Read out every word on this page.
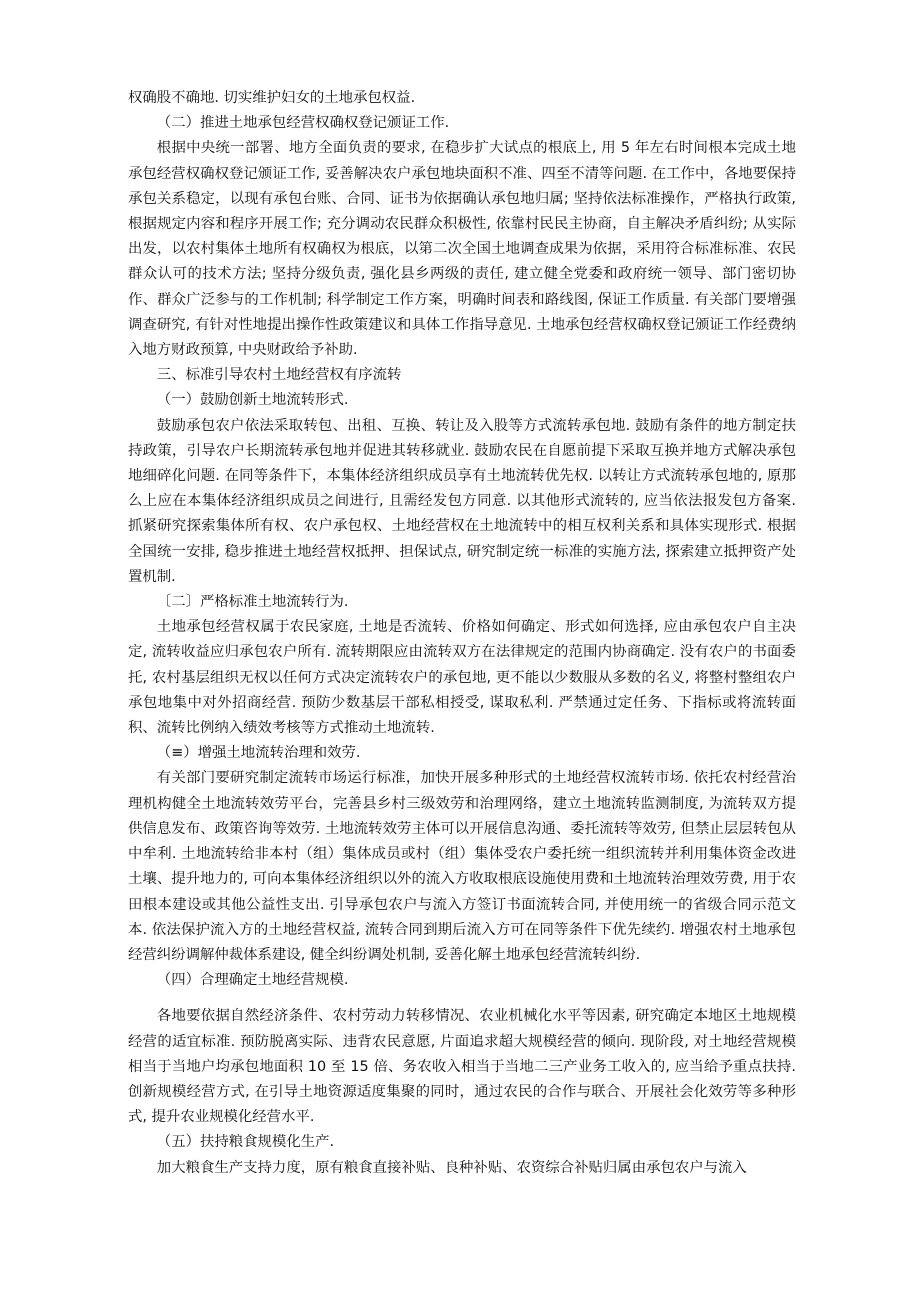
权确股不确地. 切实维护妇女的土地承包权益.

（二）推进土地承包经营权确权登记颁证工作.

根据中央统一部署、地方全面负责的要求, 在稳步扩大试点的根底上, 用 5 年左右时间根本完成土地承包经营权确权登记颁证工作, 妥善解决农户承包地块面积不准、四至不清等问题. 在工作中，各地要保持承包关系稳定，以现有承包台账、合同、证书为依据确认承包地归属; 坚持依法标准操作，严格执行政策, 根据规定内容和程序开展工作; 充分调动农民群众积极性, 依靠村民民主协商，自主解决矛盾纠纷; 从实际出发，以农村集体土地所有权确权为根底，以第二次全国土地调查成果为依据，采用符合标准标准、农民群众认可的技术方法; 坚持分级负责, 强化县乡两级的责任, 建立健全党委和政府统一领导、部门密切协作、群众广泛参与的工作机制; 科学制定工作方案，明确时间表和路线图, 保证工作质量. 有关部门要增强调查研究, 有针对性地提出操作性政策建议和具体工作指导意见. 土地承包经营权确权登记颁证工作经费纳入地方财政预算, 中央财政给予补助.

三、标准引导农村土地经营权有序流转

（一）鼓励创新土地流转形式.

鼓励承包农户依法采取转包、出租、互换、转让及入股等方式流转承包地. 鼓励有条件的地方制定扶持政策，引导农户长期流转承包地并促进其转移就业. 鼓励农民在自愿前提下采取互换并地方式解决承包地细碎化问题. 在同等条件下，本集体经济组织成员享有土地流转优先权. 以转让方式流转承包地的, 原那么上应在本集体经济组织成员之间进行, 且需经发包方同意. 以其他形式流转的, 应当依法报发包方备案. 抓紧研究探索集体所有权、农户承包权、土地经营权在土地流转中的相互权利关系和具体实现形式. 根据全国统一安排, 稳步推进土地经营权抵押、担保试点, 研究制定统一标准的实施方法, 探索建立抵押资产处置机制.

〔二〕严格标准土地流转行为.

土地承包经营权属于农民家庭, 土地是否流转、价格如何确定、形式如何选择, 应由承包农户自主决定, 流转收益应归承包农户所有. 流转期限应由流转双方在法律规定的范围内协商确定. 没有农户的书面委托, 农村基层组织无权以任何方式决定流转农户的承包地, 更不能以少数服从多数的名义, 将整村整组农户承包地集中对外招商经营. 预防少数基层干部私相授受, 谋取私利. 严禁通过定任务、下指标或将流转面积、流转比例纳入绩效考核等方式推动土地流转.

（≡）增强土地流转治理和效劳.

有关部门要研究制定流转市场运行标准，加快开展多种形式的土地经营权流转市场. 依托农村经营治理机构健全土地流转效劳平台，完善县乡村三级效劳和治理网络，建立土地流转监测制度, 为流转双方提供信息发布、政策咨询等效劳. 土地流转效劳主体可以开展信息沟通、委托流转等效劳, 但禁止层层转包从中牟利. 土地流转给非本村（组）集体成员或村（组）集体受农户委托统一组织流转并利用集体资金改进土壤、提升地力的, 可向本集体经济组织以外的流入方收取根底设施使用费和土地流转治理效劳费, 用于农田根本建设或其他公益性支出. 引导承包农户与流入方签订书面流转合同, 并使用统一的省级合同示范文本. 依法保护流入方的土地经营权益, 流转合同到期后流入方可在同等条件下优先续约. 增强农村土地承包经营纠纷调解仲裁体系建设, 健全纠纷调处机制, 妥善化解土地承包经营流转纠纷.

（四）合理确定土地经营规模.

各地要依据自然经济条件、农村劳动力转移情况、农业机械化水平等因素, 研究确定本地区土地规模经营的适宜标准. 预防脱离实际、违背农民意愿, 片面追求超大规模经营的倾向. 现阶段, 对土地经营规模相当于当地户均承包地面积 10 至 15 倍、务农收入相当于当地二三产业务工收入的, 应当给予重点扶持. 创新规模经营方式, 在引导土地资源适度集聚的同时，通过农民的合作与联合、开展社会化效劳等多种形式, 提升农业规模化经营水平.

（五）扶持粮食规模化生产.

加大粮食生产支持力度，原有粮食直接补贴、良种补贴、农资综合补贴归属由承包农户与流入
